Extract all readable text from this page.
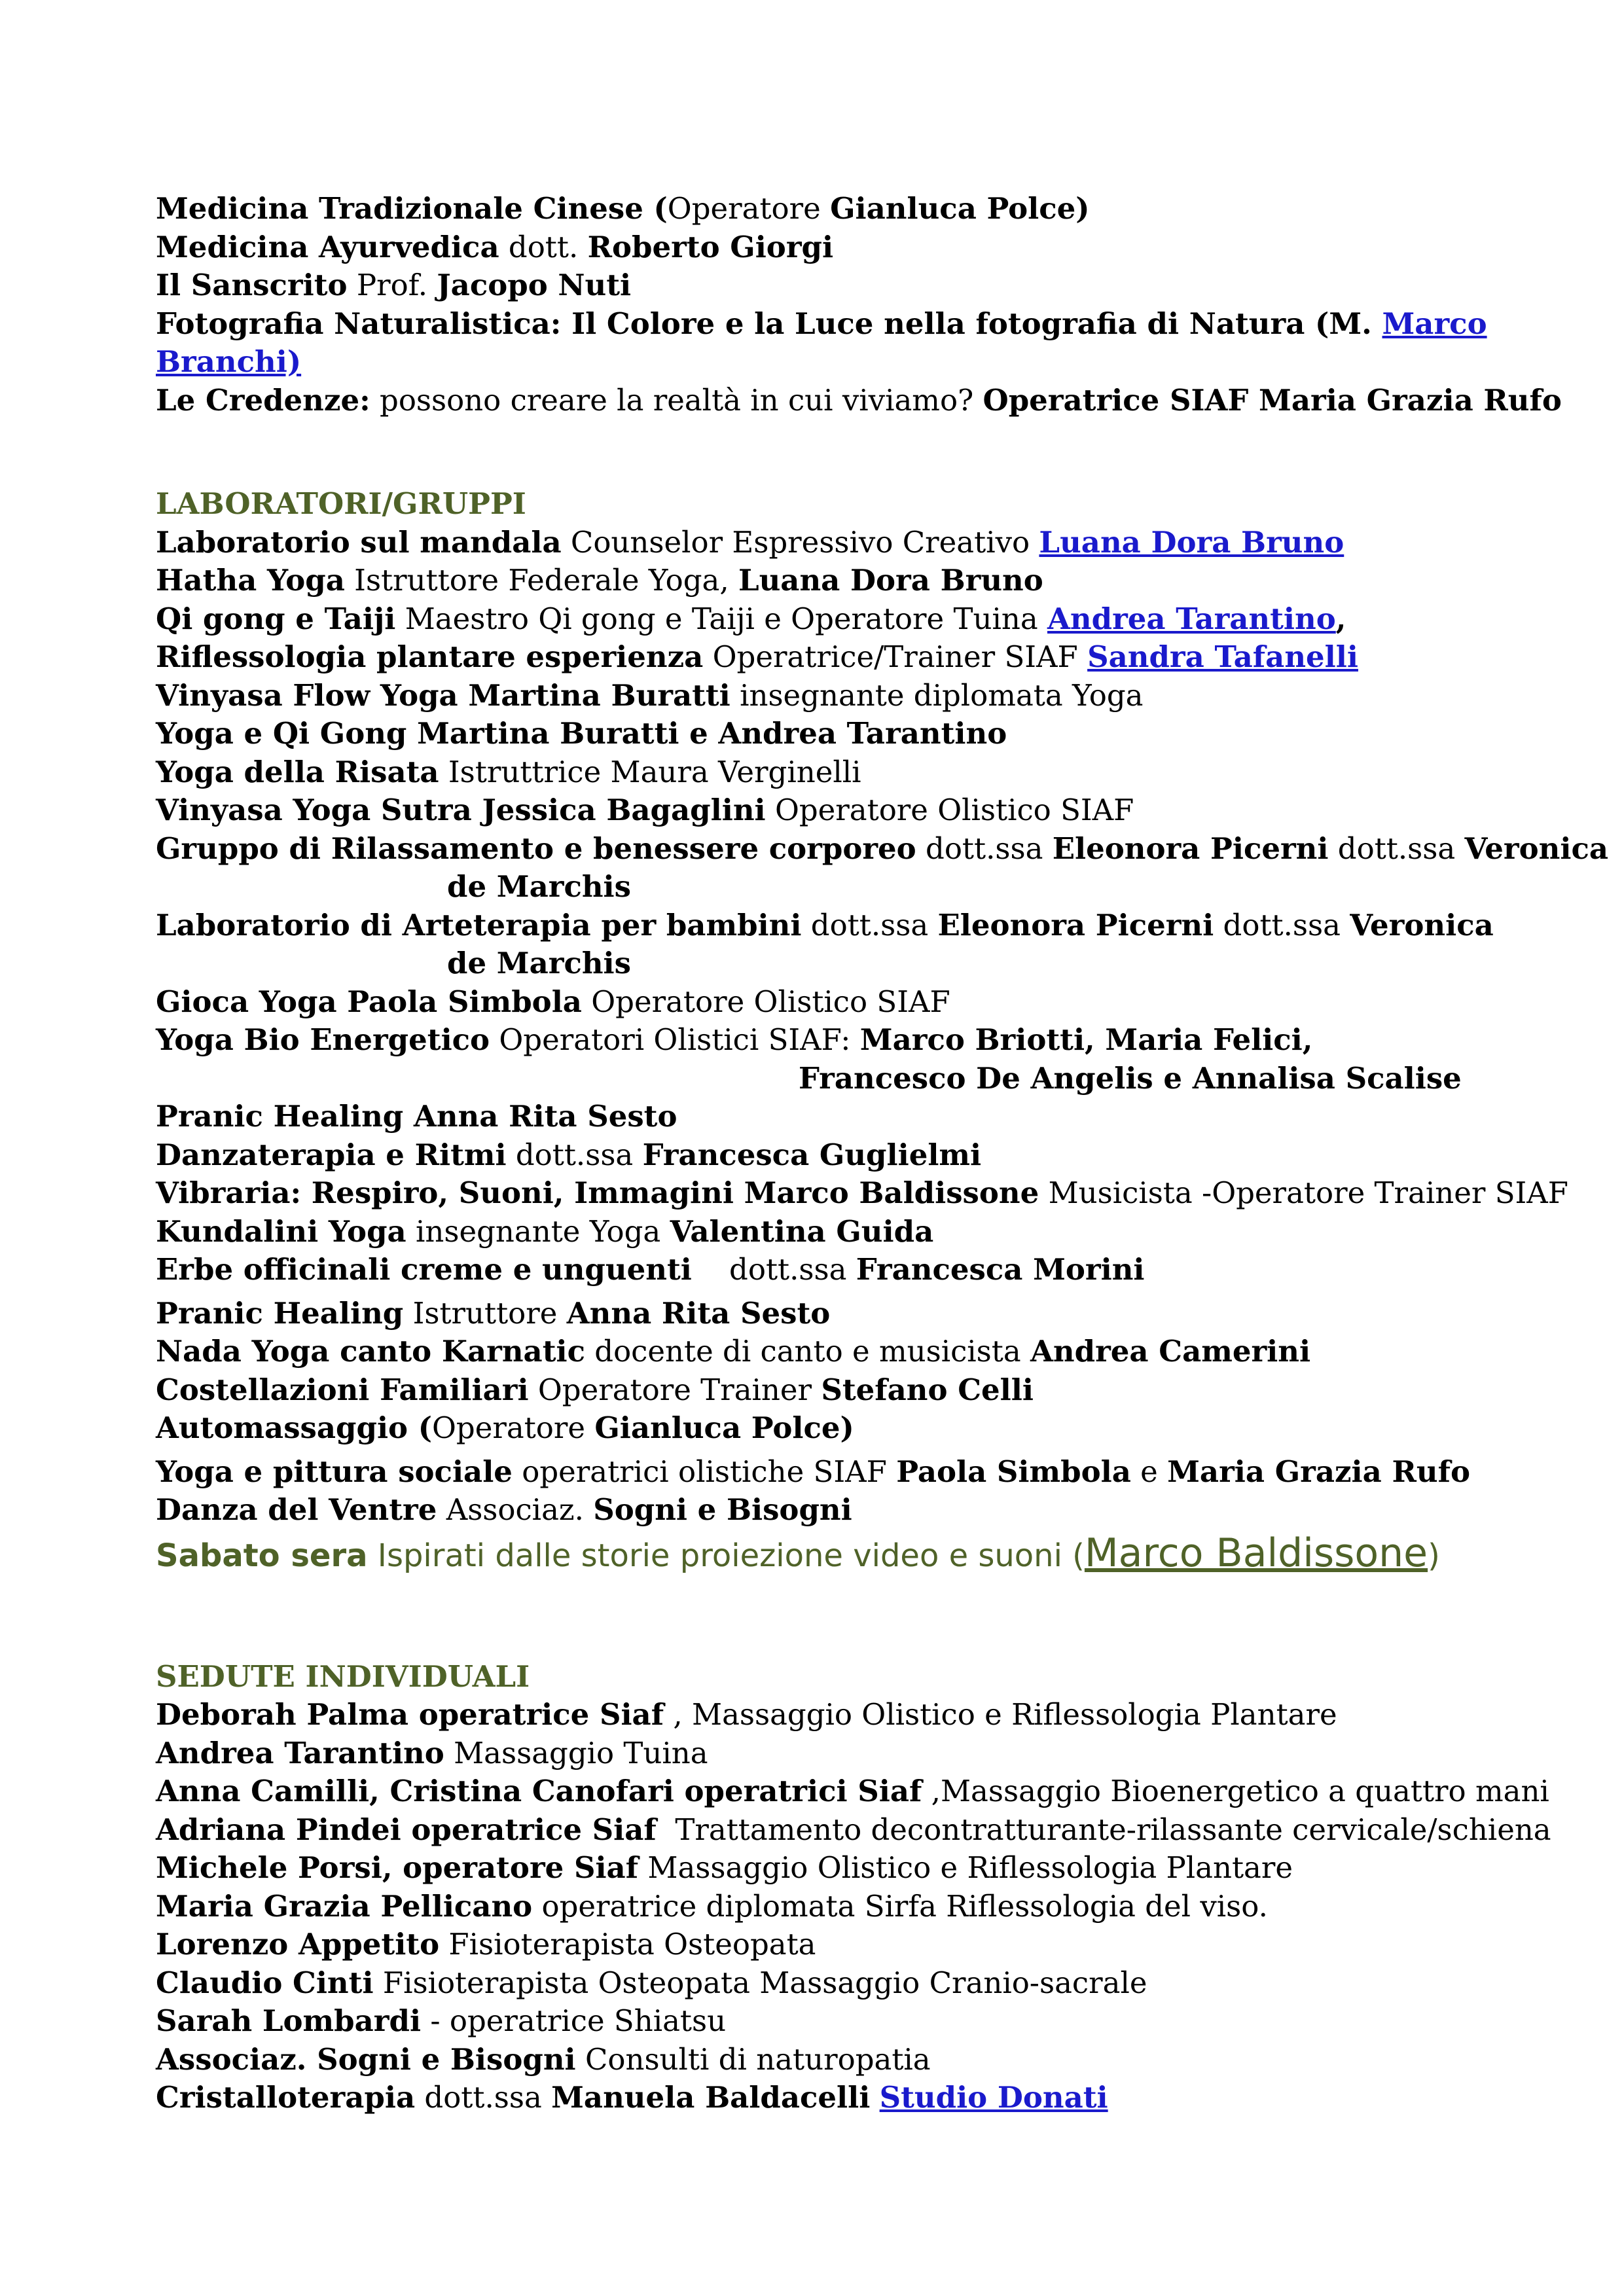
Medicina Tradizionale Cinese (Operatore Gianluca Polce)
Medicina Ayurvedica dott. Roberto Giorgi
Il Sanscrito Prof. Jacopo Nuti
Fotografia Naturalistica: Il Colore e la Luce nella fotografia di Natura (M. Marco
Branchi)
Le Credenze: possono creare la realtà in cui viviamo? Operatrice SIAF Maria Grazia Rufo
LABORATORI/GRUPPI
Laboratorio sul mandala Counselor Espressivo Creativo Luana Dora Bruno
Hatha Yoga Istruttore Federale Yoga, Luana Dora Bruno
Qi gong e Taiji Maestro Qi gong e Taiji e Operatore Tuina Andrea Tarantino,
Riflessologia plantare esperienza Operatrice/Trainer SIAF Sandra Tafanelli
Vinyasa Flow Yoga Martina Buratti insegnante diplomata Yoga
Yoga e Qi Gong Martina Buratti e Andrea Tarantino
Yoga della Risata Istruttrice Maura Verginelli
Vinyasa Yoga Sutra Jessica Bagaglini Operatore Olistico SIAF
Gruppo di Rilassamento e benessere corporeo dott.ssa Eleonora Picerni dott.ssa Veronica
de Marchis
Laboratorio di Arteterapia per bambini dott.ssa Eleonora Picerni dott.ssa Veronica
de Marchis
Gioca Yoga Paola Simbola Operatore Olistico SIAF
Yoga Bio Energetico Operatori Olistici SIAF: Marco Briotti, Maria Felici,
Francesco De Angelis e Annalisa Scalise
Pranic Healing Anna Rita Sesto
Danzaterapia e Ritmi dott.ssa Francesca Guglielmi
Vibraria: Respiro, Suoni, Immagini Marco Baldissone Musicista -Operatore Trainer SIAF
Kundalini Yoga insegnante Yoga Valentina Guida
Erbe officinali creme e unguenti    dott.ssa Francesca Morini
Pranic Healing Istruttore Anna Rita Sesto
Nada Yoga canto Karnatic docente di canto e musicista Andrea Camerini
Costellazioni Familiari Operatore Trainer Stefano Celli
Automassaggio (Operatore Gianluca Polce)
Yoga e pittura sociale operatrici olistiche SIAF Paola Simbola e Maria Grazia Rufo
Danza del Ventre Associaz. Sogni e Bisogni
Sabato sera Ispirati dalle storie proiezione video e suoni (Marco Baldissone)
SEDUTE INDIVIDUALI
Deborah Palma operatrice Siaf , Massaggio Olistico e Riflessologia Plantare
Andrea Tarantino Massaggio Tuina
Anna Camilli, Cristina Canofari operatrici Siaf ,Massaggio Bioenergetico a quattro mani
Adriana Pindei operatrice Siaf  Trattamento decontratturante-rilassante cervicale/schiena
Michele Porsi, operatore Siaf Massaggio Olistico e Riflessologia Plantare
Maria Grazia Pellicano operatrice diplomata Sirfa Riflessologia del viso.
Lorenzo Appetito Fisioterapista Osteopata
Claudio Cinti Fisioterapista Osteopata Massaggio Cranio-sacrale
Sarah Lombardi - operatrice Shiatsu
Associaz. Sogni e Bisogni Consulti di naturopatia
Cristalloterapia dott.ssa Manuela Baldacelli Studio Donati
